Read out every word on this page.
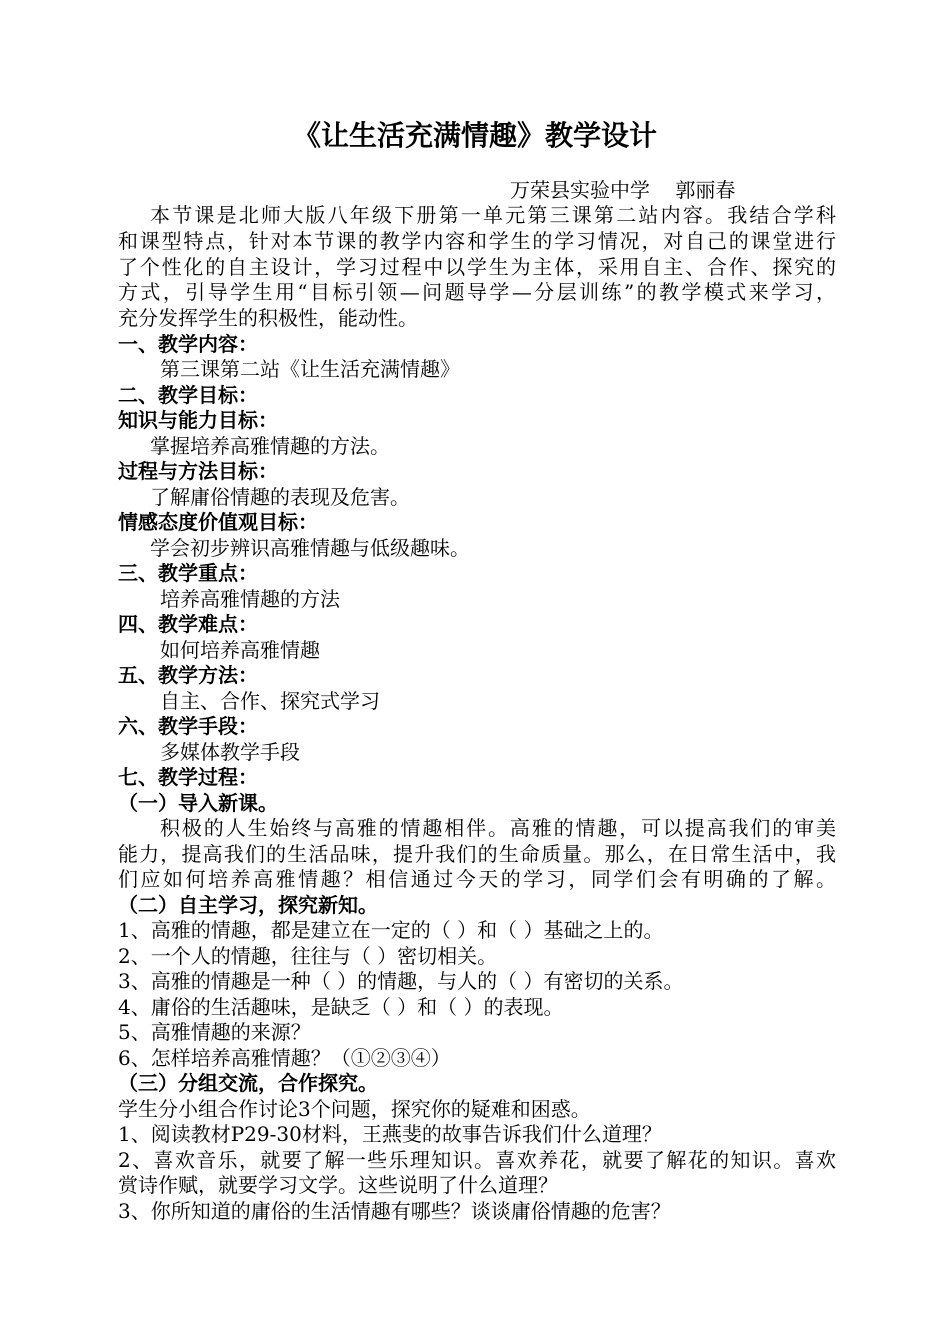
《让生活充满情趣》教学设计
万荣县实验中学    郭丽春
本节课是北师大版八年级下册第一单元第三课第二站内容。我结合学科
和课型特点，针对本节课的教学内容和学生的学习情况，对自己的课堂进行
了个性化的自主设计，学习过程中以学生为主体，采用自主、合作、探究的
方式，引导学生用“目标引领—问题导学—分层训练”的教学模式来学习，
充分发挥学生的积极性，能动性。
一、教学内容：
第三课第二站《让生活充满情趣》
二、教学目标：
知识与能力目标：
掌握培养高雅情趣的方法。
过程与方法目标：
了解庸俗情趣的表现及危害。
情感态度价值观目标：
学会初步辨识高雅情趣与低级趣味。
三、教学重点：
培养高雅情趣的方法
四、教学难点：
如何培养高雅情趣
五、教学方法：
自主、合作、探究式学习
六、教学手段：
多媒体教学手段
七、教学过程：
（一）导入新课。
积极的人生始终与高雅的情趣相伴。高雅的情趣，可以提高我们的审美
能力，提高我们的生活品味，提升我们的生命质量。那么，在日常生活中，我
们应如何培养高雅情趣？相信通过今天的学习，同学们会有明确的了解。
（二）自主学习，探究新知。
1、高雅的情趣，都是建立在一定的（ ）和（ ）基础之上的。
2、一个人的情趣，往往与（ ）密切相关。
3、高雅的情趣是一种（ ）的情趣，与人的（ ）有密切的关系。
4、庸俗的生活趣味，是缺乏（ ）和（ ）的表现。
5、高雅情趣的来源？
6、怎样培养高雅情趣？（①②③④）
（三）分组交流，合作探究。
学生分小组合作讨论3个问题，探究你的疑难和困惑。
1、阅读教材P29-30材料，王燕斐的故事告诉我们什么道理？
2、喜欢音乐，就要了解一些乐理知识。喜欢养花，就要了解花的知识。喜欢
赏诗作赋，就要学习文学。这些说明了什么道理？
3、你所知道的庸俗的生活情趣有哪些？谈谈庸俗情趣的危害？
